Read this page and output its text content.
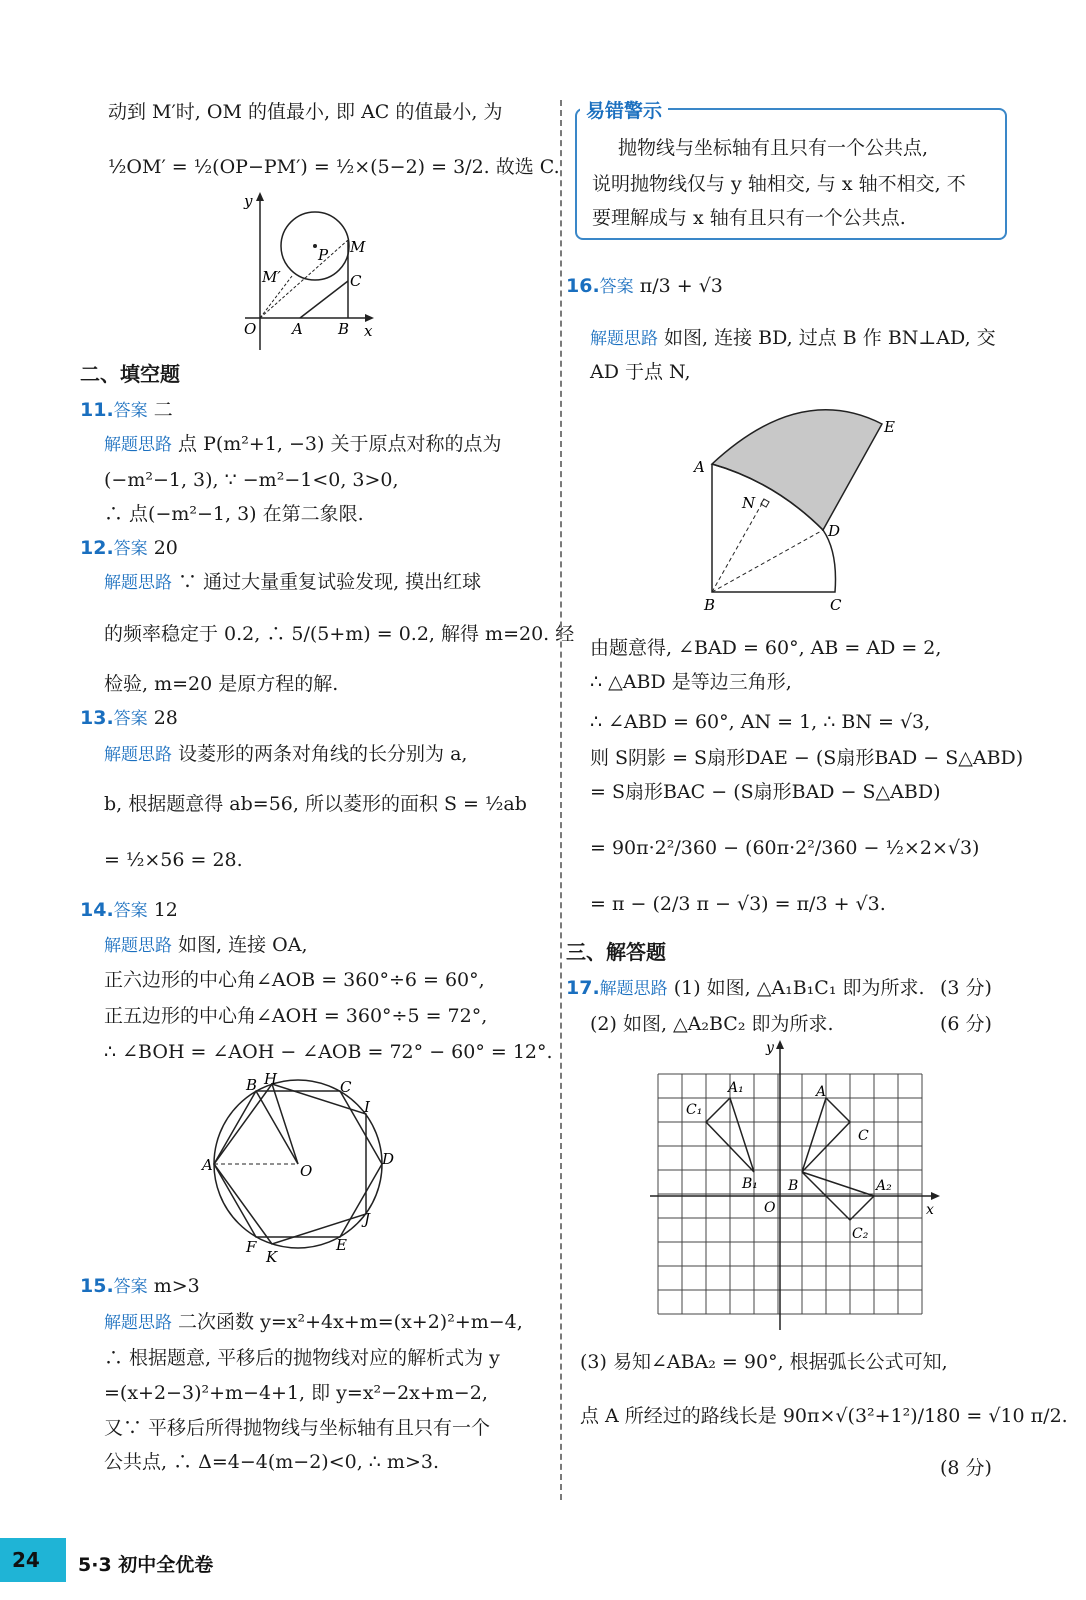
动到 M′时, OM 的值最小, 即 AC 的值最小, 为
½OM′ = ½(OP−PM′) = ½×(5−2) = 3/2. 故选 C.
y
x
O A B
C
P M
M′
二、填空题
11.答案 二
解题思路 点 P(m²+1, −3) 关于原点对称的点为
(−m²−1, 3), ∵ −m²−1<0, 3>0,
∴ 点(−m²−1, 3) 在第二象限.
12.答案 20
解题思路 ∵ 通过大量重复试验发现, 摸出红球
的频率稳定于 0.2, ∴ 5/(5+m) = 0.2, 解得 m=20. 经
检验, m=20 是原方程的解.
13.答案 28
解题思路 设菱形的两条对角线的长分别为 a,
b, 根据题意得 ab=56, 所以菱形的面积 S = ½ab
= ½×56 = 28.
14.答案 12
解题思路 如图, 连接 OA,
正六边形的中心角∠AOB = 360°÷6 = 60°,
正五边形的中心角∠AOH = 360°÷5 = 72°,
∴ ∠BOH = ∠AOH − ∠AOB = 72° − 60° = 12°.
A
B H	C
I
D
O
J
E
F
K
15.答案 m>3
解题思路 二次函数 y=x²+4x+m=(x+2)²+m−4,
∴ 根据题意, 平移后的抛物线对应的解析式为 y
=(x+2−3)²+m−4+1, 即 y=x²−2x+m−2,
又∵ 平移后所得抛物线与坐标轴有且只有一个
公共点, ∴ Δ=4−4(m−2)<0, ∴ m>3.
易错警示
抛物线与坐标轴有且只有一个公共点,
说明抛物线仅与 y 轴相交, 与 x 轴不相交, 不
要理解成与 x 轴有且只有一个公共点.
16.答案 π/3 + √3
解题思路 如图, 连接 BD, 过点 B 作 BN⊥AD, 交
AD 于点 N,
A
E
N
D
B	C
由题意得, ∠BAD = 60°, AB = AD = 2,
∴ △ABD 是等边三角形,
∴ ∠ABD = 60°, AN = 1, ∴ BN = √3,
则 S阴影 = S扇形DAE − (S扇形BAD − S△ABD)
= S扇形BAC − (S扇形BAD − S△ABD)
= 90π·2²/360 − (60π·2²/360 − ½×2×√3)
= π − (2/3 π − √3) = π/3 + √3.
三、解答题
17.解题思路 (1) 如图, △A₁B₁C₁ 即为所求. (3 分)
(2) 如图, △A₂BC₂ 即为所求.	(6 分)
y
x
O
A₁
C₁
B₁
A
C
B	A₂
C₂
(3) 易知∠ABA₂ = 90°, 根据弧长公式可知,
点 A 所经过的路线长是 90π×√(3²+1²)/180 = √10 π/2.
(8 分)
24 5·3 初中全优卷
